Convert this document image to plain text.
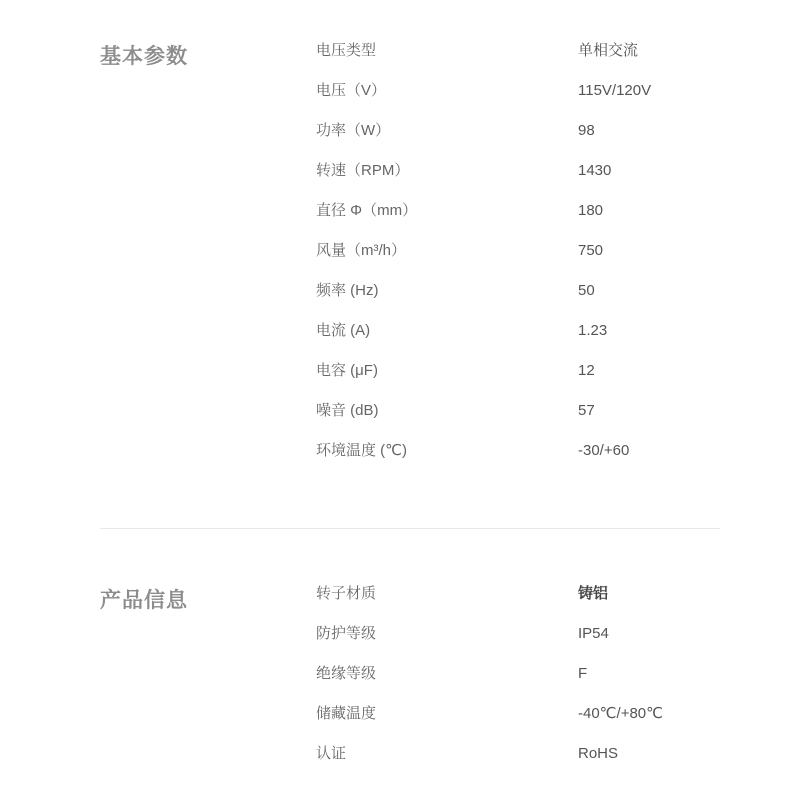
基本参数	电压类型	单相交流
电压（V）	115V/120V
功率（W）	98
转速（RPM）	1430
直径 Φ（mm）	180
风量（m³/h）	750
频率 (Hz)	50
电流 (A)	1.23
电容 (μF)	12
噪音 (dB)	57
环境温度 (℃)	-30/+60
产品信息	转子材质	铸铝
防护等级	IP54
绝缘等级	F
储藏温度	-40℃/+80℃
认证	RoHS
